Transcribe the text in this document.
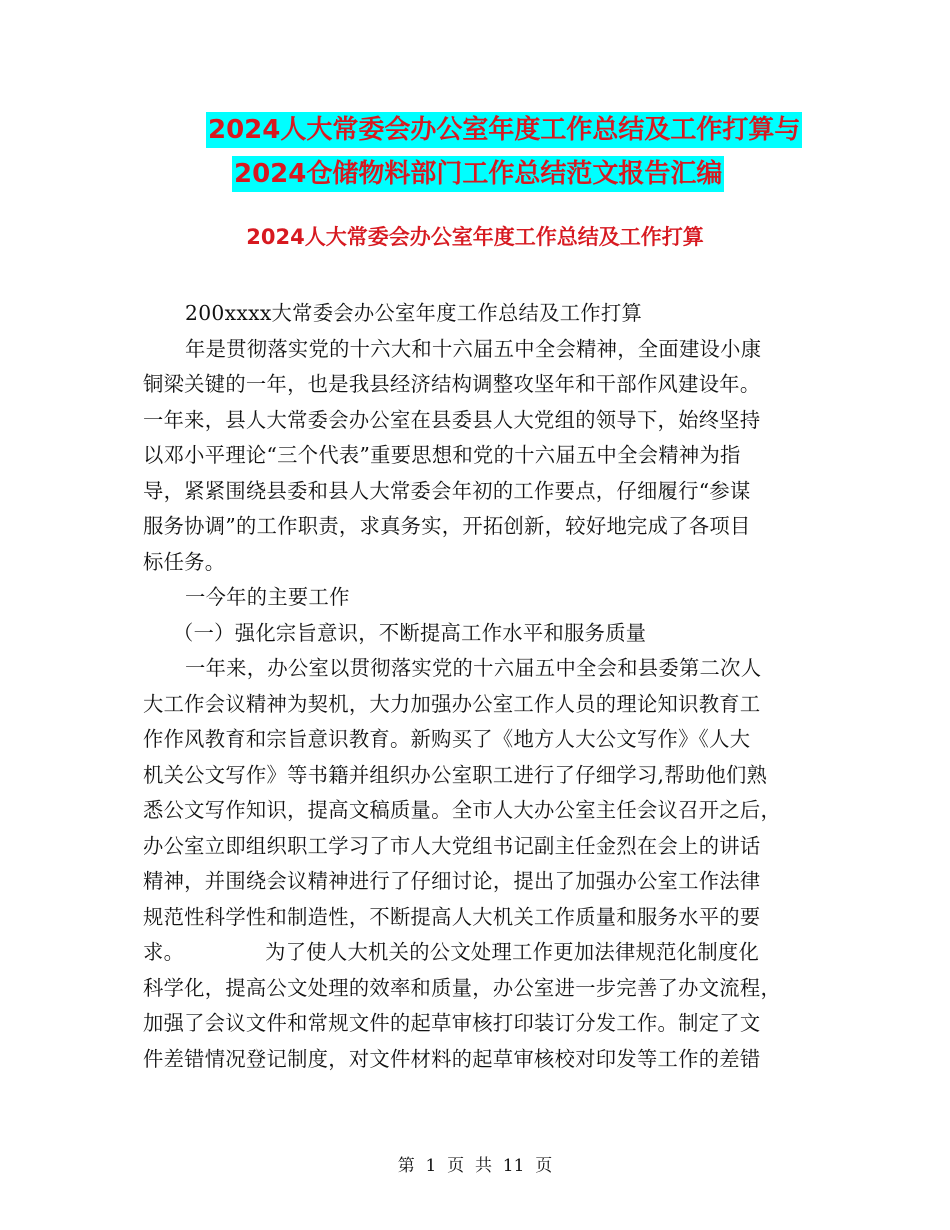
2024人大常委会办公室年度工作总结及工作打算与
2024仓储物料部门工作总结范文报告汇编
2024人大常委会办公室年度工作总结及工作打算
200xxxx大常委会办公室年度工作总结及工作打算
年是贯彻落实党的十六大和十六届五中全会精神，全面建设小康
铜梁关键的一年，也是我县经济结构调整攻坚年和干部作风建设年。
一年来，县人大常委会办公室在县委县人大党组的领导下，始终坚持
以邓小平理论“三个代表”重要思想和党的十六届五中全会精神为指
导，紧紧围绕县委和县人大常委会年初的工作要点，仔细履行“参谋
服务协调”的工作职责，求真务实，开拓创新，较好地完成了各项目
标任务。
一今年的主要工作
（一）强化宗旨意识，不断提高工作水平和服务质量
一年来，办公室以贯彻落实党的十六届五中全会和县委第二次人
大工作会议精神为契机，大力加强办公室工作人员的理论知识教育工
作作风教育和宗旨意识教育。新购买了《地方人大公文写作》《人大
机关公文写作》等书籍并组织办公室职工进行了仔细学习,帮助他们熟
悉公文写作知识，提高文稿质量。全市人大办公室主任会议召开之后，
办公室立即组织职工学习了市人大党组书记副主任金烈在会上的讲话
精神，并围绕会议精神进行了仔细讨论，提出了加强办公室工作法律
规范性科学性和制造性，不断提高人大机关工作质量和服务水平的要
求。            为了使人大机关的公文处理工作更加法律规范化制度化
科学化，提高公文处理的效率和质量，办公室进一步完善了办文流程，
加强了会议文件和常规文件的起草审核打印装订分发工作。制定了文
件差错情况登记制度，对文件材料的起草审核校对印发等工作的差错
第  1  页  共  11  页
